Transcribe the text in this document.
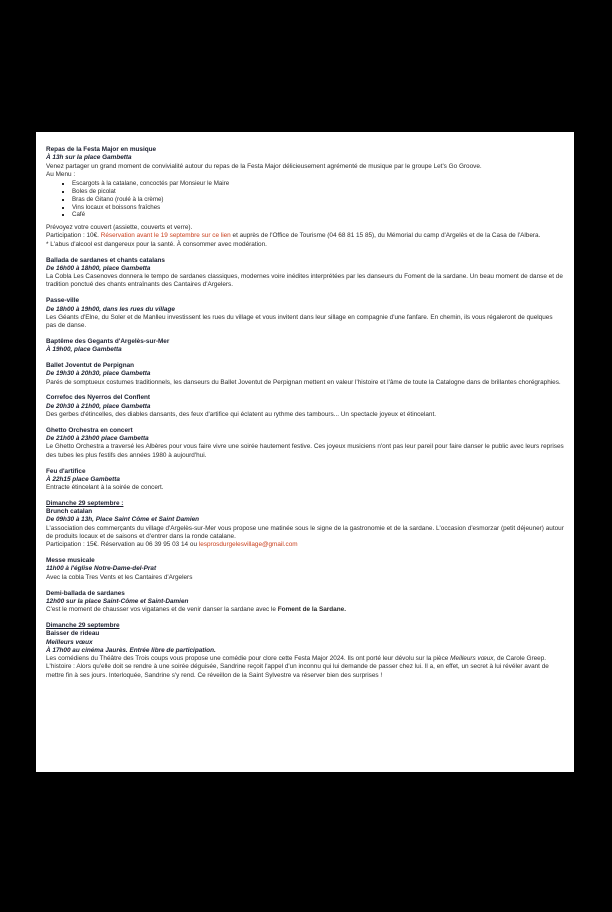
Repas de la Festa Major en musique
À 13h sur la place Gambetta

Venez partager un grand moment de convivialité autour du repas de la Festa Major délicieusement agrémenté de musique par le groupe Let's Go Groove.

Au Menu :

▪ Escargots à la catalane, concoctés par Monsieur le Maire
▪ Boles de picolat
▪ Bras de Gitano (roulé à la crème)
▪ Vins locaux et boissons fraîches
▪ Café

Prévoyez votre couvert (assiette, couverts et verre).

Participation : 10€. Réservation avant le 19 septembre sur ce lien et auprès de l'Office de Tourisme (04 68 81 15 85), du Mémorial du camp d'Argelès et de la Casa de l'Albera.

* L'abus d'alcool est dangereux pour la santé. À consommer avec modération.

Ballada de sardanes et chants catalans
De 16h00 à 18h00, place Gambetta

La Cobla Les Casenoves donnera le tempo de sardanes classiques, modernes voire inédites interprétées par les danseurs du Foment de la sardane. Un beau moment de danse et de tradition ponctué des chants entraînants des Cantaires d'Argelers.

Passe-ville
De 18h00 à 19h00, dans les rues du village

Les Géants d'Elne, du Soler et de Manlleu investissent les rues du village et vous invitent dans leur sillage en compagnie d'une fanfare. En chemin, ils vous régaleront de quelques pas de danse.

Baptême des Gegants d'Argelès-sur-Mer
À 19h00, place Gambetta
Ballet Joventut de Perpignan
De 19h30 à 20h30, place Gambetta

Parés de somptueux costumes traditionnels, les danseurs du Ballet Joventut de Perpignan mettent en valeur l'histoire et l'âme de toute la Catalogne dans de brillantes chorégraphies.

Correfoc des Nyerros del Conflent
De 20h30 à 21h00, place Gambetta

Des gerbes d'étincelles, des diables dansants, des feux d'artifice qui éclatent au rythme des tambours... Un spectacle joyeux et étincelant.

Ghetto Orchestra en concert
De 21h00 à 23h00 place Gambetta

Le Ghetto Orchestra a traversé les Albères pour vous faire vivre une soirée hautement festive. Ces joyeux musiciens n'ont pas leur pareil pour faire danser le public avec leurs reprises des tubes les plus festifs des années 1980 à aujourd'hui.

Feu d'artifice
À 22h15 place Gambetta

Entracte étincelant à la soirée de concert.

Dimanche 29 septembre :
Brunch catalan
De 09h30 à 13h, Place Saint Côme et Saint Damien

L'association des commerçants du village d'Argelès-sur-Mer vous propose une matinée sous le signe de la gastronomie et de la sardane. L'occasion d'esmorzar (petit déjeuner) autour de produits locaux et de saisons et d'entrer dans la ronde catalane.

Participation : 15€. Réservation au 06 39 95 03 14 ou lesprosdurgelesvillage@gmail.com

Messe musicale
11h00 à l'église Notre-Dame-del-Prat

Avec la cobla Tres Vents et les Cantaires d'Argelers

Demi-ballada de sardanes
12h00 sur la place Saint-Côme et Saint-Damien

C'est le moment de chausser vos vigatanes et de venir danser la sardane avec le Foment de la Sardane.

Dimanche 29 septembre
Baisser de rideau
Meilleurs vœux
À 17h00 au cinéma Jaurès. Entrée libre de participation.

Les comédiens du Théâtre des Trois coups vous propose une comédie pour clore cette Festa Major 2024. Ils ont porté leur dévolu sur la pièce Meilleurs vœux, de Carole Greep.

L'histoire : Alors qu'elle doit se rendre à une soirée déguisée, Sandrine reçoit l'appel d'un inconnu qui lui demande de passer chez lui. Il a, en effet, un secret à lui révéler avant de mettre fin à ses jours. Interloquée, Sandrine s'y rend. Ce réveillon de la Saint Sylvestre va réserver bien des surprises !
